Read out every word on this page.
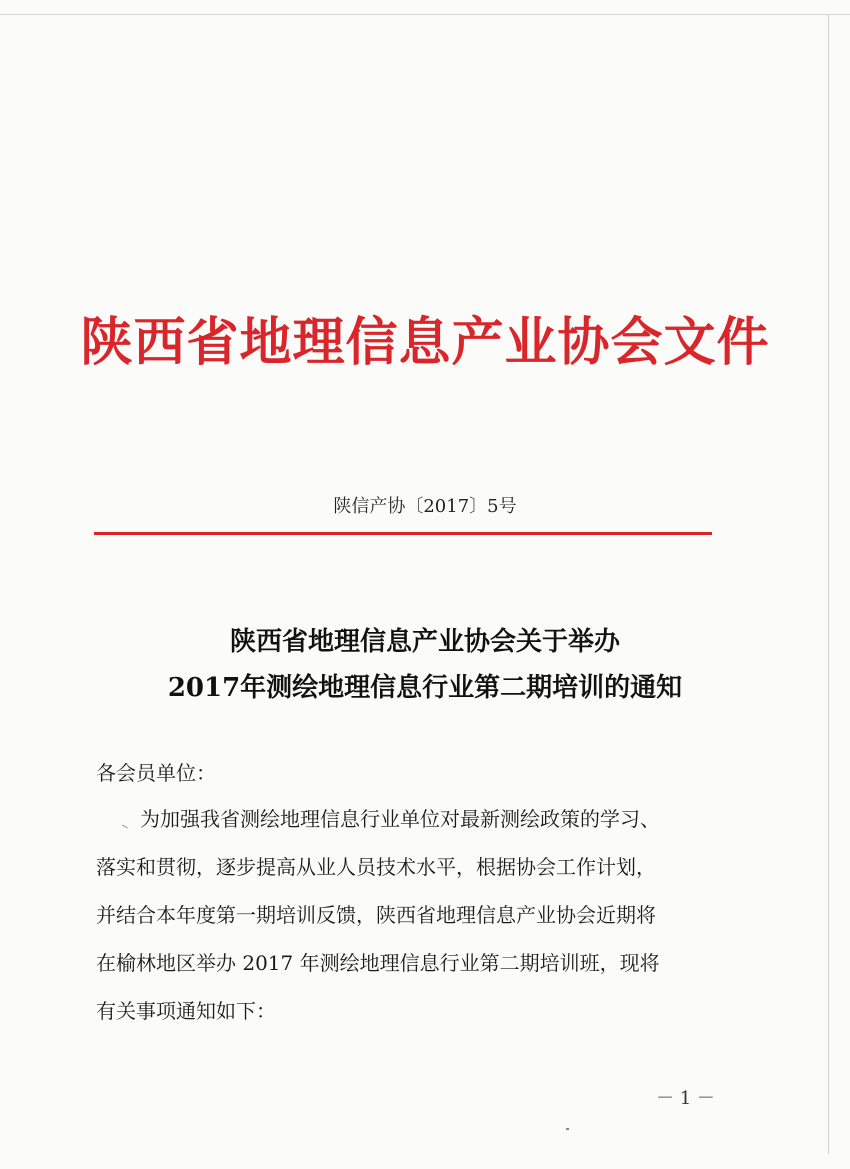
陕西省地理信息产业协会文件
陕信产协〔2017〕5号
陕西省地理信息产业协会关于举办
2017年测绘地理信息行业第二期培训的通知
各会员单位：
为加强我省测绘地理信息行业单位对最新测绘政策的学习、
落实和贯彻，逐步提高从业人员技术水平，根据协会工作计划，
并结合本年度第一期培训反馈，陕西省地理信息产业协会近期将
在榆林地区举办 2017 年测绘地理信息行业第二期培训班，现将
有关事项通知如下：
－ 1 －
